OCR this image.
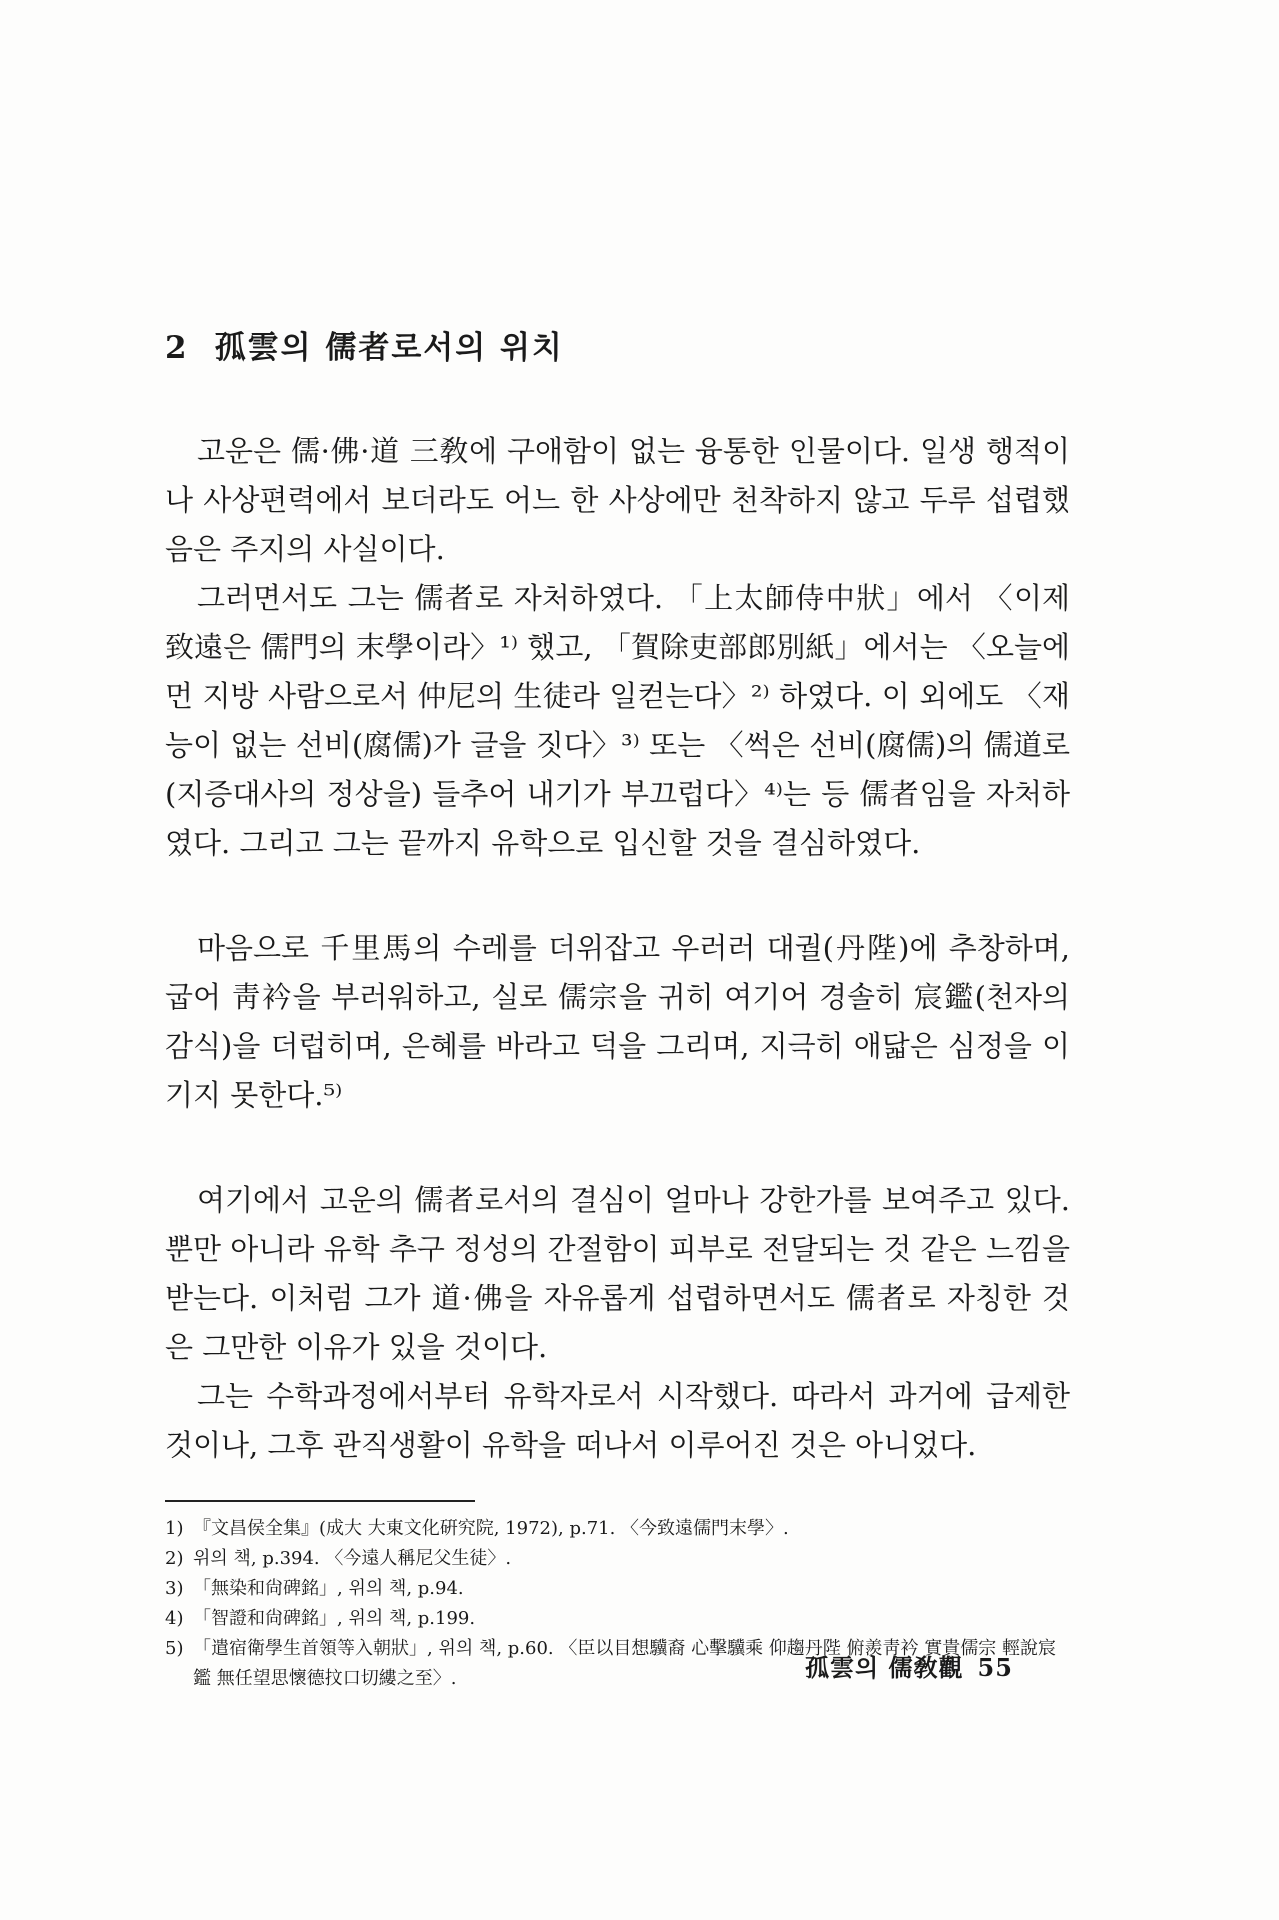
2 孤雲의 儒者로서의 위치

고운은 儒·佛·道 三敎에 구애함이 없는 융통한 인물이다. 일생 행적이나 사상편력에서 보더라도 어느 한 사상에만 천착하지 않고 두루 섭렵했음은 주지의 사실이다.

그러면서도 그는 儒者로 자처하였다. 「上太師侍中狀」에서 〈이제 致遠은 儒門의 末學이라〉¹⁾ 했고, 「賀除吏部郎別紙」에서는 〈오늘에 먼 지방 사람으로서 仲尼의 生徒라 일컫는다〉²⁾ 하였다. 이 외에도 〈재능이 없는 선비(腐儒)가 글을 짓다〉³⁾ 또는 〈썩은 선비(腐儒)의 儒道로(지증대사의 정상을) 들추어 내기가 부끄럽다〉⁴⁾는 등 儒者임을 자처하였다. 그리고 그는 끝까지 유학으로 입신할 것을 결심하였다.

마음으로 千里馬의 수레를 더위잡고 우러러 대궐(丹陛)에 추창하며, 굽어 靑衿을 부러워하고, 실로 儒宗을 귀히 여기어 경솔히 宸鑑(천자의 감식)을 더럽히며, 은혜를 바라고 덕을 그리며, 지극히 애닯은 심정을 이기지 못한다.⁵⁾

여기에서 고운의 儒者로서의 결심이 얼마나 강한가를 보여주고 있다. 뿐만 아니라 유학 추구 정성의 간절함이 피부로 전달되는 것 같은 느낌을 받는다. 이처럼 그가 道·佛을 자유롭게 섭렵하면서도 儒者로 자칭한 것은 그만한 이유가 있을 것이다.

그는 수학과정에서부터 유학자로서 시작했다. 따라서 과거에 급제한 것이나, 그후 관직생활이 유학을 떠나서 이루어진 것은 아니었다.

1) 『文昌侯全集』(成大 大東文化硏究院, 1972), p.71. 〈今致遠儒門末學〉.
2) 위의 책, p.394. 〈今遠人稱尼父生徒〉.
3) 「無染和尙碑銘」, 위의 책, p.94.
4) 「智證和尙碑銘」, 위의 책, p.199.
5) 「遣宿衛學生首領等入朝狀」, 위의 책, p.60. 〈臣以目想驥裔 心擊驥乘 仰趨丹陛 俯羨靑衿 實貴儒宗 輕說宸鑑 無任望思懷德抆口切縷之至〉.	孤雲의 儒敎觀 55
